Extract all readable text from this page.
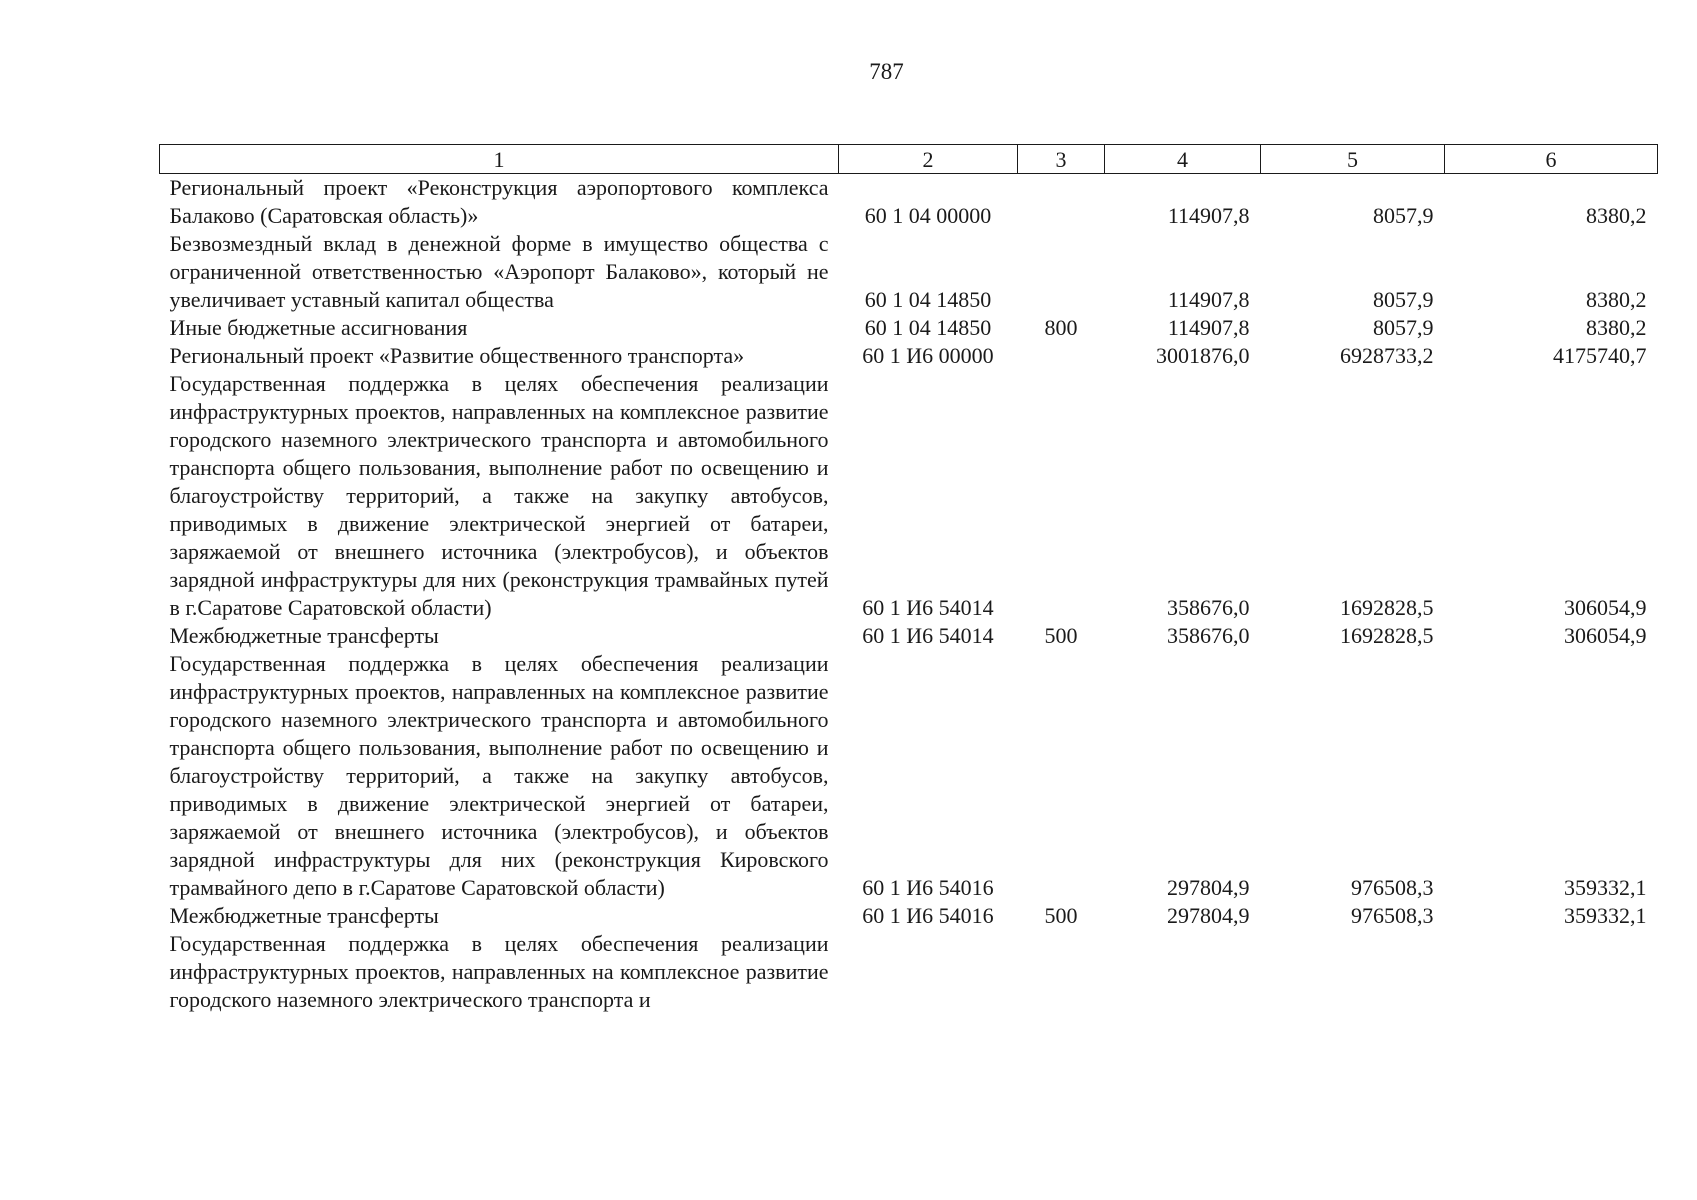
787
1	2	3	4	5	6
Региональный проект «Реконструкция аэропортового комплекса Балаково (Саратовская область)»	60 1 04 00000		114907,8	8057,9	8380,2
Безвозмездный вклад в денежной форме в имущество общества с ограниченной ответственностью «Аэропорт Балаково», который не увеличивает уставный капитал общества	60 1 04 14850		114907,8	8057,9	8380,2
Иные бюджетные ассигнования	60 1 04 14850	800	114907,8	8057,9	8380,2
Региональный проект «Развитие общественного транспорта»	60 1 И6 00000		3001876,0	6928733,2	4175740,7
Государственная поддержка в целях обеспечения реализации инфраструктурных проектов, направленных на комплексное развитие городского наземного электрического транспорта и автомобильного транспорта общего пользования, выполнение работ по освещению и благоустройству территорий, а также на закупку автобусов, приводимых в движение электрической энергией от батареи, заряжаемой от внешнего источника (электробусов), и объектов зарядной инфраструктуры для них (реконструкция трамвайных путей в г.Саратове Саратовской области)	60 1 И6 54014		358676,0	1692828,5	306054,9
Межбюджетные трансферты	60 1 И6 54014	500	358676,0	1692828,5	306054,9
Государственная поддержка в целях обеспечения реализации инфраструктурных проектов, направленных на комплексное развитие городского наземного электрического транспорта и автомобильного транспорта общего пользования, выполнение работ по освещению и благоустройству территорий, а также на закупку автобусов, приводимых в движение электрической энергией от батареи, заряжаемой от внешнего источника (электробусов), и объектов зарядной инфраструктуры для них (реконструкция Кировского трамвайного депо в г.Саратове Саратовской области)	60 1 И6 54016		297804,9	976508,3	359332,1
Межбюджетные трансферты	60 1 И6 54016	500	297804,9	976508,3	359332,1
Государственная поддержка в целях обеспечения реализации инфраструктурных проектов, направленных на комплексное развитие городского наземного электрического транспорта и					
